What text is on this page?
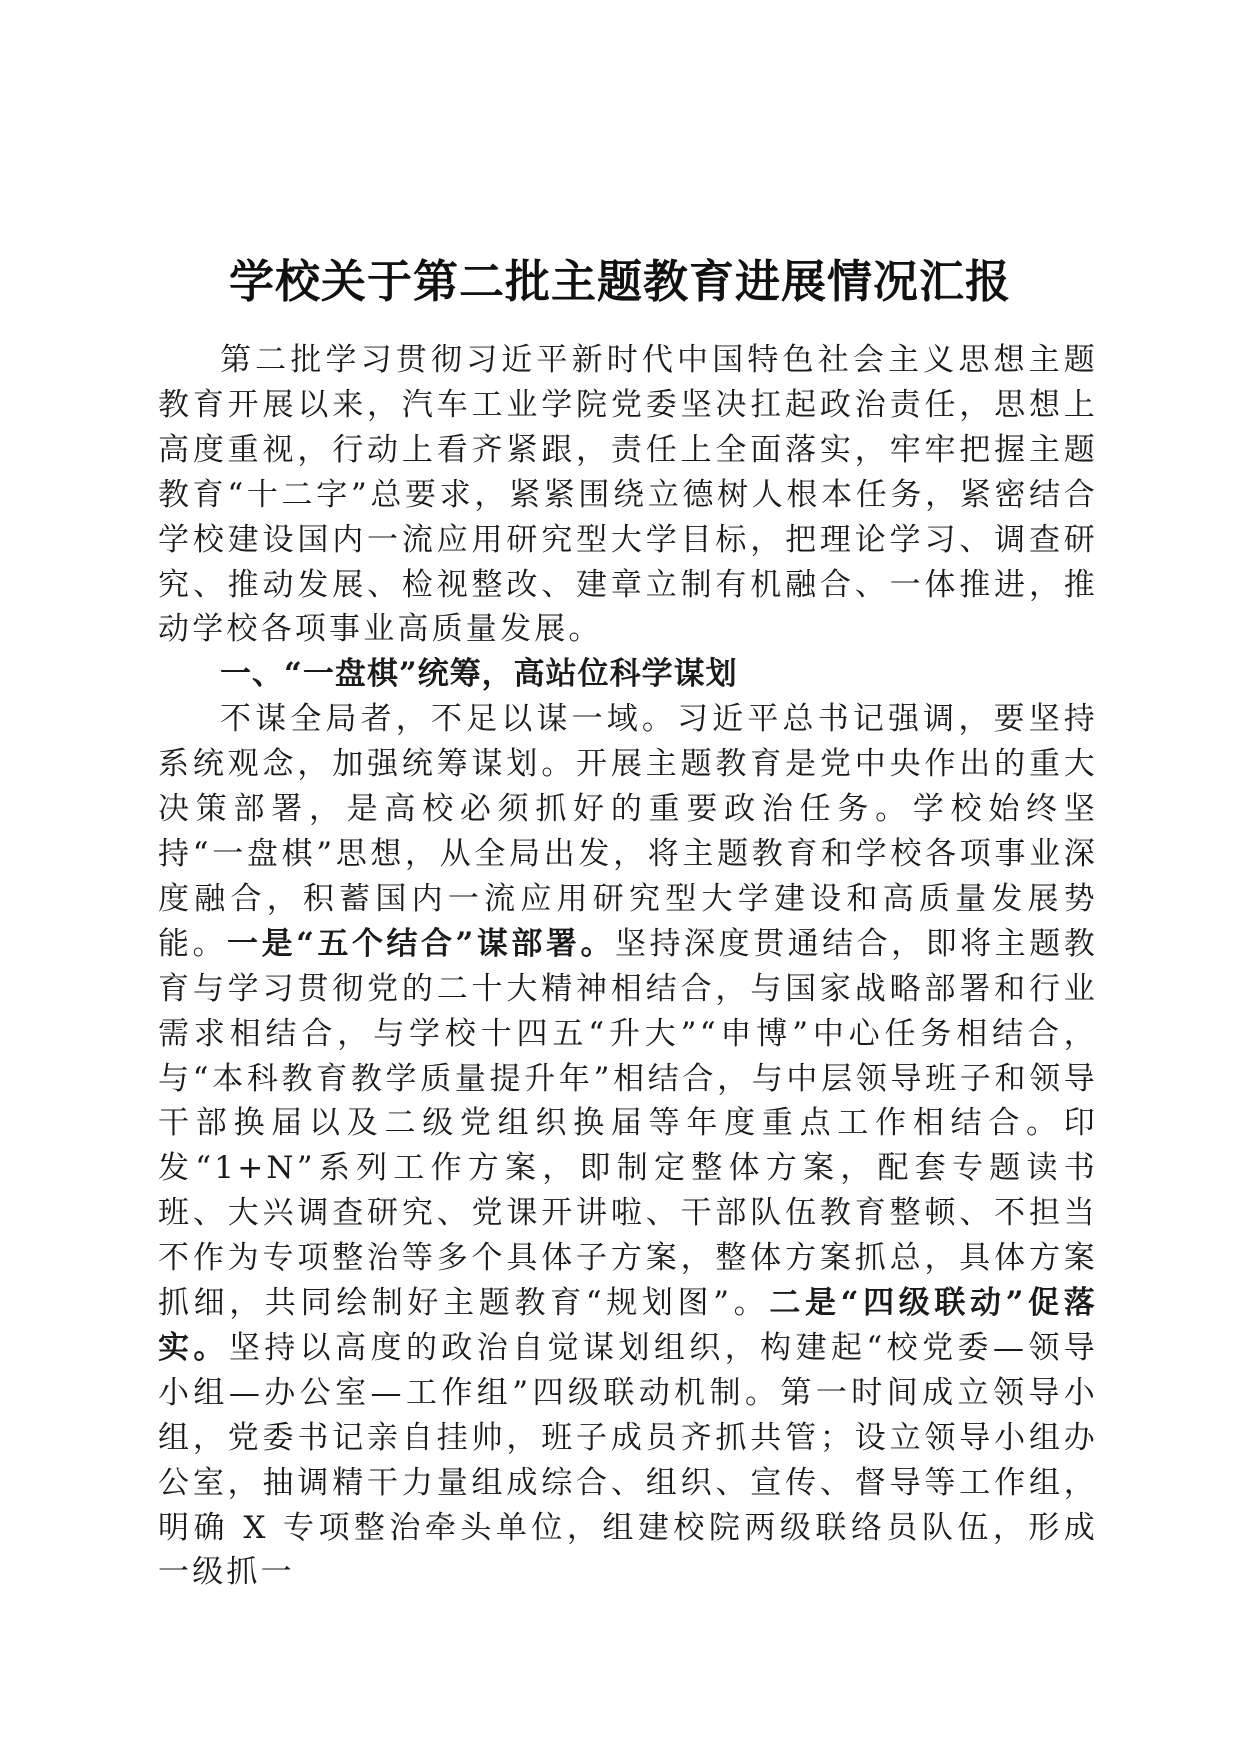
学校关于第二批主题教育进展情况汇报

第二批学习贯彻习近平新时代中国特色社会主义思想主题教育开展以来，汽车工业学院党委坚决扛起政治责任，思想上高度重视，行动上看齐紧跟，责任上全面落实，牢牢把握主题教育“十二字”总要求，紧紧围绕立德树人根本任务，紧密结合学校建设国内一流应用研究型大学目标，把理论学习、调查研究、推动发展、检视整改、建章立制有机融合、一体推进，推动学校各项事业高质量发展。

一、“一盘棋”统筹，高站位科学谋划

不谋全局者，不足以谋一域。习近平总书记强调，要坚持系统观念，加强统筹谋划。开展主题教育是党中央作出的重大决策部署，是高校必须抓好的重要政治任务。学校始终坚持“一盘棋”思想，从全局出发，将主题教育和学校各项事业深度融合，积蓄国内一流应用研究型大学建设和高质量发展势能。一是“五个结合”谋部署。坚持深度贯通结合，即将主题教育与学习贯彻党的二十大精神相结合，与国家战略部署和行业需求相结合，与学校十四五“升大”“申博”中心任务相结合，与“本科教育教学质量提升年”相结合，与中层领导班子和领导干部换届以及二级党组织换届等年度重点工作相结合。印发“1+N”系列工作方案，即制定整体方案，配套专题读书班、大兴调查研究、党课开讲啦、干部队伍教育整顿、不担当不作为专项整治等多个具体子方案，整体方案抓总，具体方案抓细，共同绘制好主题教育“规划图”。二是“四级联动”促落实。坚持以高度的政治自觉谋划组织，构建起“校党委—领导小组—办公室—工作组”四级联动机制。第一时间成立领导小组，党委书记亲自挂帅，班子成员齐抓共管；设立领导小组办公室，抽调精干力量组成综合、组织、宣传、督导等工作组，明确 X 专项整治牵头单位，组建校院两级联络员队伍，形成一级抓一
